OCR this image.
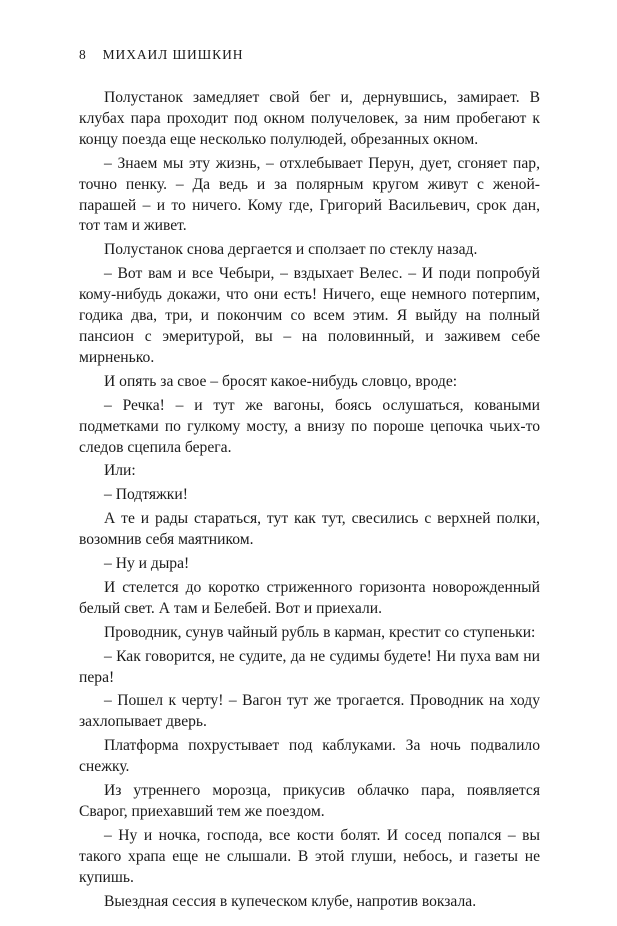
8 МИХАИЛ ШИШКИН

Полустанок замедляет свой бег и, дернувшись, замирает. В клубах пара проходит под окном получеловек, за ним пробегают к концу поезда еще несколько полулюдей, обрезанных окном.

– Знаем мы эту жизнь, – отхлебывает Перун, дует, сгоняет пар, точно пенку. – Да ведь и за полярным кругом живут с женой-парашей – и то ничего. Кому где, Григорий Васильевич, срок дан, тот там и живет.

Полустанок снова дергается и сползает по стеклу назад.

– Вот вам и все Чебыри, – вздыхает Велес. – И поди попробуй кому-нибудь докажи, что они есть! Ничего, еще немного потерпим, годика два, три, и покончим со всем этим. Я выйду на полный пансион с эмеритурой, вы – на половинный, и заживем себе мирненько.

И опять за свое – бросят какое-нибудь словцо, вроде:

– Речка! – и тут же вагоны, боясь ослушаться, коваными подметками по гулкому мосту, а внизу по пороше цепочка чьих-то следов сцепила берега.

Или:

– Подтяжки!

А те и рады стараться, тут как тут, свесились с верхней полки, возомнив себя маятником.

– Ну и дыра!

И стелется до коротко стриженного горизонта новорожденный белый свет. А там и Белебей. Вот и приехали.

Проводник, сунув чайный рубль в карман, крестит со ступеньки:

– Как говорится, не судите, да не судимы будете! Ни пуха вам ни пера!

– Пошел к черту! – Вагон тут же трогается. Проводник на ходу захлопывает дверь.

Платформа похрустывает под каблуками. За ночь подвалило снежку.

Из утреннего морозца, прикусив облачко пара, появляется Сварог, приехавший тем же поездом.

– Ну и ночка, господа, все кости болят. И сосед попался – вы такого храпа еще не слышали. В этой глуши, небось, и газеты не купишь.

Выездная сессия в купеческом клубе, напротив вокзала.
